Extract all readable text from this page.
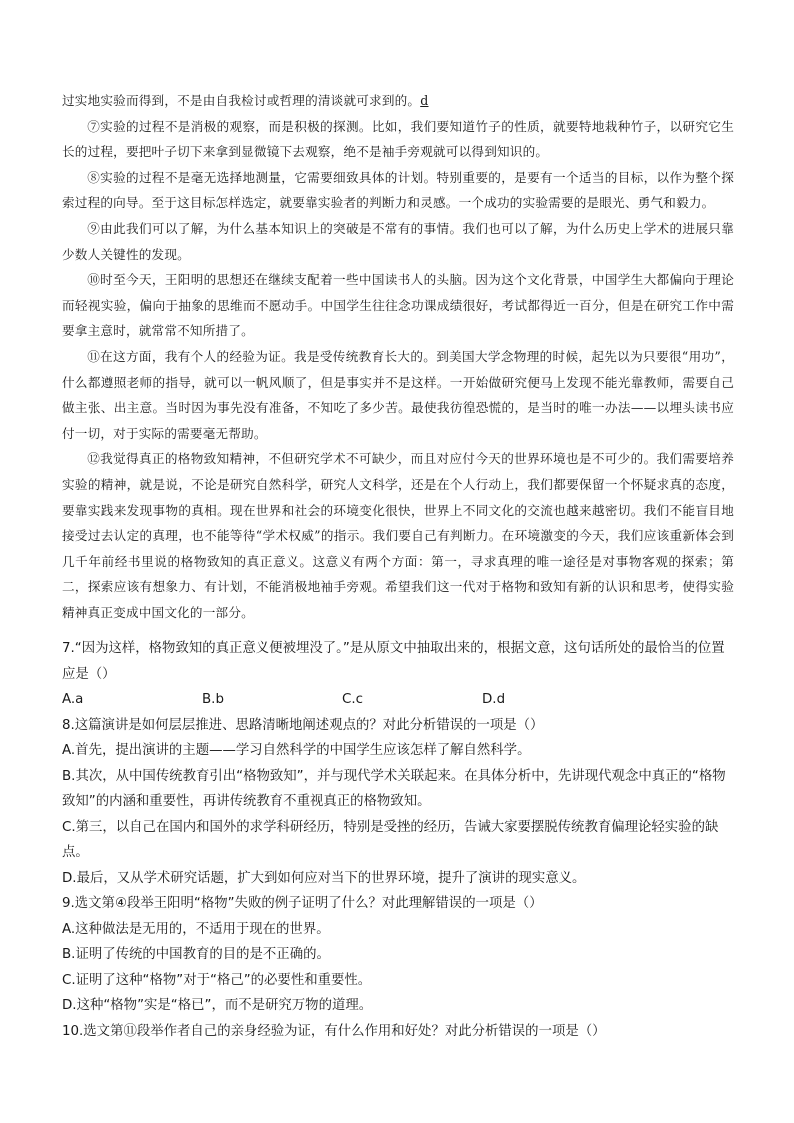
过实地实验而得到，不是由自我检讨或哲理的清谈就可求到的。d

⑦实验的过程不是消极的观察，而是积极的探测。比如，我们要知道竹子的性质，就要特地栽种竹子，以研究它生长的过程，要把叶子切下来拿到显微镜下去观察，绝不是袖手旁观就可以得到知识的。

⑧实验的过程不是毫无选择地测量，它需要细致具体的计划。特别重要的，是要有一个适当的目标，以作为整个探索过程的向导。至于这目标怎样选定，就要靠实验者的判断力和灵感。一个成功的实验需要的是眼光、勇气和毅力。

⑨由此我们可以了解，为什么基本知识上的突破是不常有的事情。我们也可以了解，为什么历史上学术的进展只靠少数人关键性的发现。

⑩时至今天，王阳明的思想还在继续支配着一些中国读书人的头脑。因为这个文化背景，中国学生大都偏向于理论而轻视实验，偏向于抽象的思维而不愿动手。中国学生往往念功课成绩很好，考试都得近一百分，但是在研究工作中需要拿主意时，就常常不知所措了。

⑪在这方面，我有个人的经验为证。我是受传统教育长大的。到美国大学念物理的时候，起先以为只要很“用功”，什么都遵照老师的指导，就可以一帆风顺了，但是事实并不是这样。一开始做研究便马上发现不能光靠教师，需要自己做主张、出主意。当时因为事先没有准备，不知吃了多少苦。最使我彷徨恐慌的，是当时的唯一办法——以埋头读书应付一切，对于实际的需要毫无帮助。

⑫我觉得真正的格物致知精神，不但研究学术不可缺少，而且对应付今天的世界环境也是不可少的。我们需要培养实验的精神，就是说，不论是研究自然科学，研究人文科学，还是在个人行动上，我们都要保留一个怀疑求真的态度，要靠实践来发现事物的真相。现在世界和社会的环境变化很快，世界上不同文化的交流也越来越密切。我们不能盲目地接受过去认定的真理，也不能等待“学术权威”的指示。我们要自己有判断力。在环境激变的今天，我们应该重新体会到几千年前经书里说的格物致知的真正意义。这意义有两个方面：第一，寻求真理的唯一途径是对事物客观的探索；第二，探索应该有想象力、有计划，不能消极地袖手旁观。希望我们这一代对于格物和致知有新的认识和思考，使得实验精神真正变成中国文化的一部分。

7.“因为这样，格物致知的真正意义便被埋没了。”是从原文中抽取出来的，根据文意，这句话所处的最恰当的位置应是（）

A.a	B.b	C.c	D.d

8.这篇演讲是如何层层推进、思路清晰地阐述观点的？对此分析错误的一项是（）

A.首先，提出演讲的主题——学习自然科学的中国学生应该怎样了解自然科学。

B.其次，从中国传统教育引出“格物致知”，并与现代学术关联起来。在具体分析中，先讲现代观念中真正的“格物致知”的内涵和重要性，再讲传统教育不重视真正的格物致知。

C.第三，以自己在国内和国外的求学科研经历，特别是受挫的经历，告诫大家要摆脱传统教育偏理论轻实验的缺点。

D.最后，又从学术研究话题，扩大到如何应对当下的世界环境，提升了演讲的现实意义。

9.选文第④段举王阳明“格物”失败的例子证明了什么？对此理解错误的一项是（）

A.这种做法是无用的，不适用于现在的世界。

B.证明了传统的中国教育的目的是不正确的。

C.证明了这种“格物”对于“格己”的必要性和重要性。

D.这种“格物”实是“格已”，而不是研究万物的道理。

10.选文第⑪段举作者自己的亲身经验为证，有什么作用和好处？对此分析错误的一项是（）
